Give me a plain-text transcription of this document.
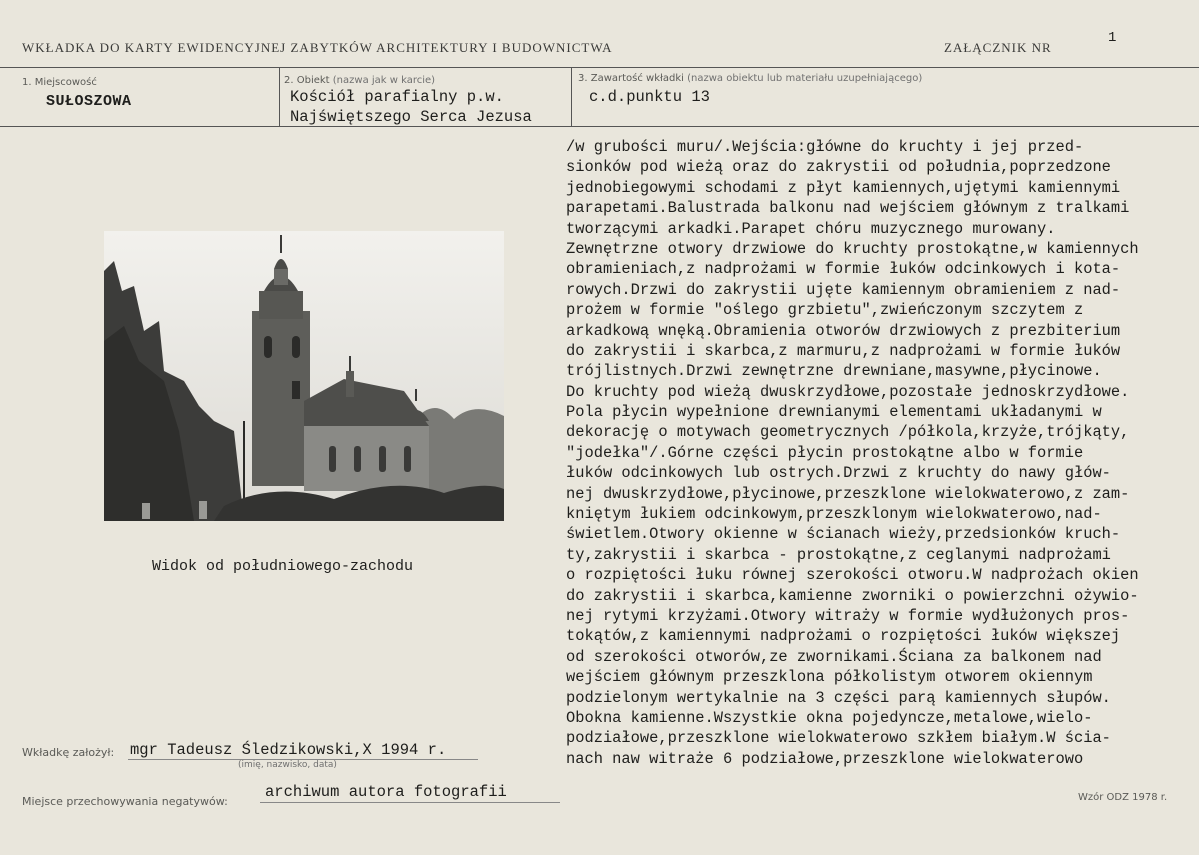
WKŁADKA DO KARTY EWIDENCYJNEJ ZABYTKÓW ARCHITEKTURY I BUDOWNICTWA	ZAŁĄCZNIK NR
1
1. Miejscowość
SUŁOSZOWA
2. Obiekt (nazwa jak w karcie)
Kościół parafialny p.w.
Najświętszego Serca Jezusa
3. Zawartość wkładki (nazwa obiektu lub materiału uzupełniającego)
c.d.punktu 13
Widok od południowego-zachodu
/w grubości muru/.Wejścia:główne do kruchty i jej przed-
sionków pod wieżą oraz do zakrystii od południa,poprzedzone
jednobiegowymi schodami z płyt kamiennych,ujętymi kamiennymi
parapetami.Balustrada balkonu nad wejściem głównym z tralkami
tworzącymi arkadki.Parapet chóru muzycznego murowany.
Zewnętrzne otwory drzwiowe do kruchty prostokątne,w kamiennych
obramieniach,z nadprożami w formie łuków odcinkowych i kota-
rowych.Drzwi do zakrystii ujęte kamiennym obramieniem z nad-
prożem w formie "oślego grzbietu",zwieńczonym szczytem z
arkadkową wnęką.Obramienia otworów drzwiowych z prezbiterium
do zakrystii i skarbca,z marmuru,z nadprożami w formie łuków
trójlistnych.Drzwi zewnętrzne drewniane,masywne,płycinowe.
Do kruchty pod wieżą dwuskrzydłowe,pozostałe jednoskrzydłowe.
Pola płycin wypełnione drewnianymi elementami układanymi w
dekorację o motywach geometrycznych /półkola,krzyże,trójkąty,
"jodełka"/.Górne części płycin prostokątne albo w formie
łuków odcinkowych lub ostrych.Drzwi z kruchty do nawy głów-
nej dwuskrzydłowe,płycinowe,przeszklone wielokwaterowo,z zam-
kniętym łukiem odcinkowym,przeszklonym wielokwaterowo,nad-
świetlem.Otwory okienne w ścianach wieży,przedsionków kruch-
ty,zakrystii i skarbca - prostokątne,z ceglanymi nadprożami
o rozpiętości łuku równej szerokości otworu.W nadprożach okien
do zakrystii i skarbca,kamienne zworniki o powierzchni ożywio-
nej rytymi krzyżami.Otwory witraży w formie wydłużonych pros-
tokątów,z kamiennymi nadprożami o rozpiętości łuków większej
od szerokości otworów,ze zwornikami.Ściana za balkonem nad
wejściem głównym przeszklona półkolistym otworem okiennym
podzielonym wertykalnie na 3 części parą kamiennych słupów.
Obokna kamienne.Wszystkie okna pojedyncze,metalowe,wielo-
podziałowe,przeszklone wielokwaterowo szkłem białym.W ścia-
nach naw witraże 6 podziałowe,przeszklone wielokwaterowo
Wkładkę założył: mgr Tadeusz Śledzikowski,X 1994 r.
(imię, nazwisko, data)
Miejsce przechowywania negatywów:
archiwum autora fotografii	Wzór ODZ 1978 r.
